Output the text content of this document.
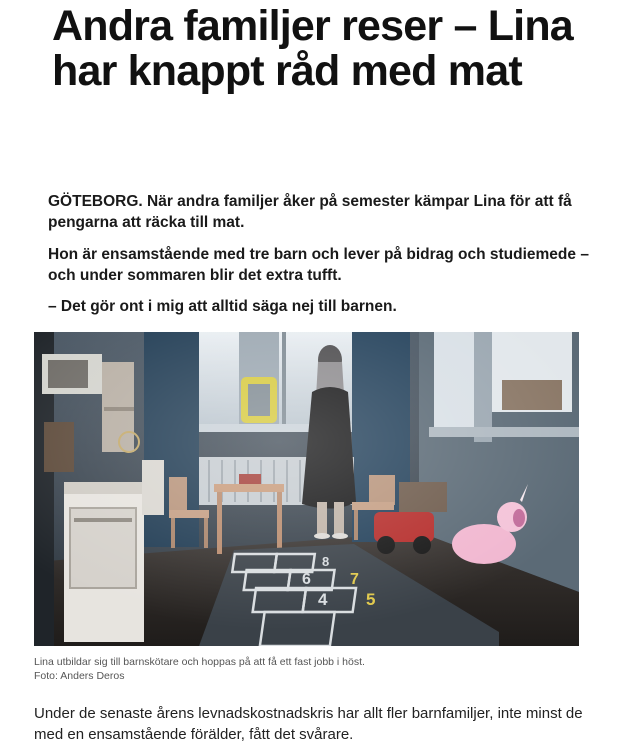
Andra familjer reser – Lina har knappt råd med mat

GÖTEBORG. När andra familjer åker på semester kämpar Lina för att få pengarna att räcka till mat.

Hon är ensamstående med tre barn och lever på bidrag och studiemede – och under sommaren blir det extra tufft.

– Det gör ont i mig att alltid säga nej till barnen.

Lina utbildar sig till barnskötare och hoppas på att få ett fast jobb i höst.
Foto: Anders Deros

Under de senaste årens levnadskostnadskris har allt fler barnfamiljer, inte minst de med en ensamstående förälder, fått det svårare.
